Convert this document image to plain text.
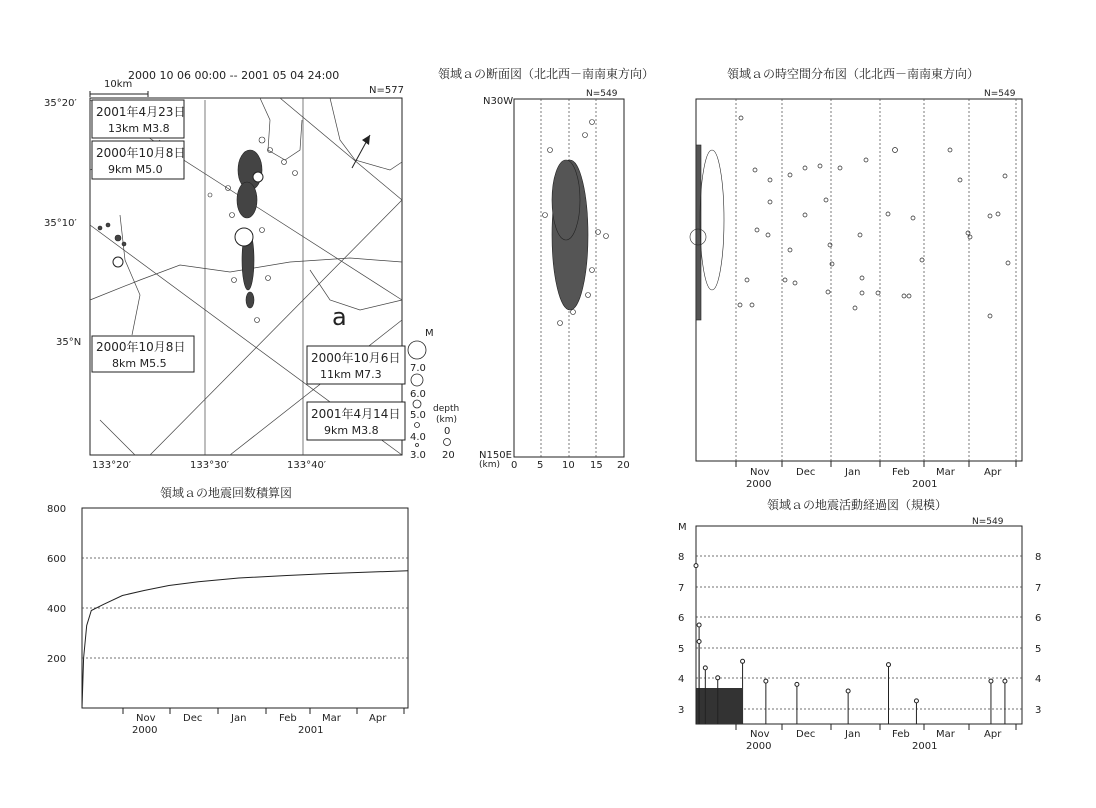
2000 10 06 00:00 -- 2001 05 04 24:00
10km
N=577
35°20′
35°10′
35°N
133°20′	133°30′	133°40′
a
2001年4月23日
13km M3.8
2000年10月8日
9km M5.0
2000年10月8日
8km M5.5	2000年10月6日
11km M7.3
2001年4月14日
9km M3.8
M
7.0
6.0
5.0
4.0
3.0
depth
(km)
0
20
領域ａの断面図（北北西－南南東方向）
N=549
N30W
N150E
(km) 0 5 10 15 20
領域ａの時空間分布図（北北西－南南東方向）
N=549
Nov	Dec	Jan	Feb	Mar	Apr
2000	2001
領域ａの地震回数積算図
800
600
400
200
Nov	Dec	Jan	Feb	Mar	Apr
2000	2001
領域ａの地震活動経過図（規模）
M	N=549
8
7
6
5
4
3
8
7
6
5
4
3
Nov	Dec	Jan	Feb	Mar	Apr
2000	2001
